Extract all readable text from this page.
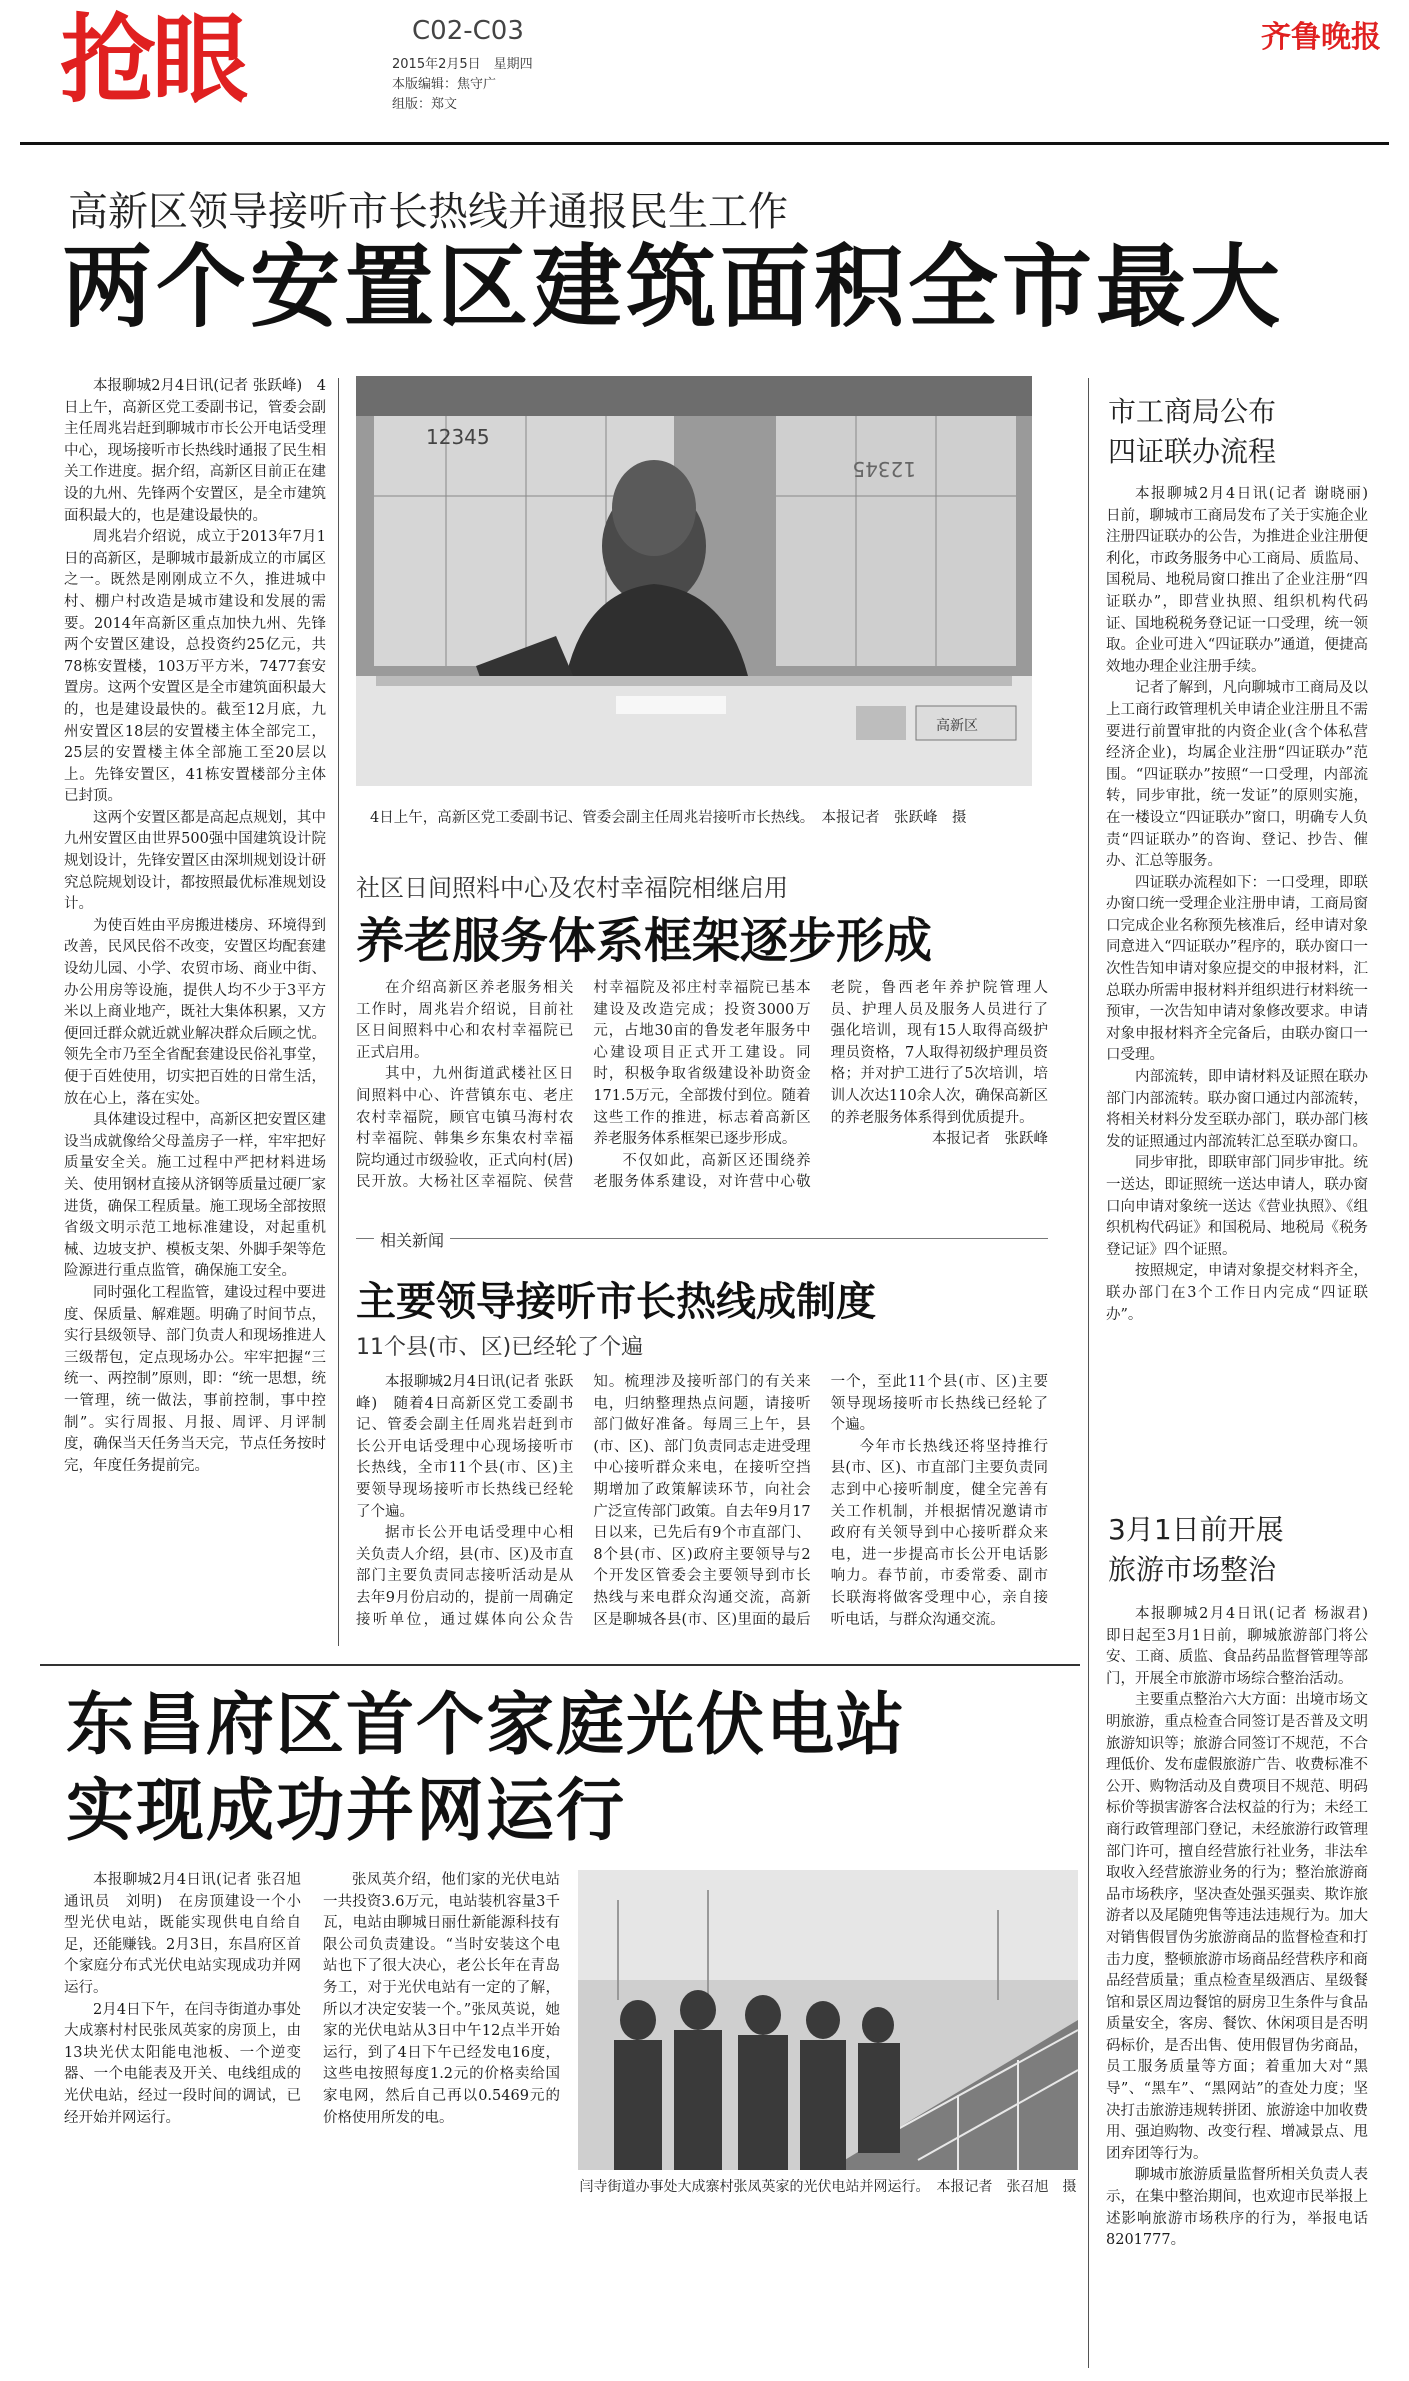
抢眼	C02-C03
2015年2月5日　星期四
本版编辑：焦守广
组版：郑文
齐鲁晚报
高新区领导接听市长热线并通报民生工作
两个安置区建筑面积全市最大

本报聊城2月4日讯(记者 张跃峰)　4日上午，高新区党工委副书记，管委会副主任周兆岩赶到聊城市市长公开电话受理中心，现场接听市长热线时通报了民生相关工作进度。据介绍，高新区目前正在建设的九州、先锋两个安置区，是全市建筑面积最大的，也是建设最快的。

周兆岩介绍说，成立于2013年7月1日的高新区，是聊城市最新成立的市属区之一。既然是刚刚成立不久，推进城中村、棚户村改造是城市建设和发展的需要。2014年高新区重点加快九州、先锋两个安置区建设，总投资约25亿元，共78栋安置楼，103万平方米，7477套安置房。这两个安置区是全市建筑面积最大的，也是建设最快的。截至12月底，九州安置区18层的安置楼主体全部完工，25层的安置楼主体全部施工至20层以上。先锋安置区，41栋安置楼部分主体已封顶。

这两个安置区都是高起点规划，其中九州安置区由世界500强中国建筑设计院规划设计，先锋安置区由深圳规划设计研究总院规划设计，都按照最优标准规划设计。

为使百姓由平房搬进楼房、环境得到改善，民风民俗不改变，安置区均配套建设幼儿园、小学、农贸市场、商业中街、办公用房等设施，提供人均不少于3平方米以上商业地产，既社大集体积累，又方便回迁群众就近就业解决群众后顾之忧。领先全市乃至全省配套建设民俗礼事堂，便于百姓使用，切实把百姓的日常生活，放在心上，落在实处。

具体建设过程中，高新区把安置区建设当成就像给父母盖房子一样，牢牢把好质量安全关。施工过程中严把材料进场关、使用钢材直接从济钢等质量过硬厂家进货，确保工程质量。施工现场全部按照省级文明示范工地标准建设，对起重机械、边坡支护、模板支架、外脚手架等危险源进行重点监管，确保施工安全。

同时强化工程监管，建设过程中要进度、保质量、解难题。明确了时间节点，实行县级领导、部门负责人和现场推进人三级帮包，定点现场办公。牢牢把握“三统一、两控制”原则，即：“统一思想，统一管理，统一做法，事前控制，事中控制”。实行周报、月报、周评、月评制度，确保当天任务当天完，节点任务按时完，年度任务提前完。

12345
12345
高新区
4日上午，高新区党工委副书记、管委会副主任周兆岩接听市长热线。　本报记者　张跃峰　摄
市工商局公布
四证联办流程

本报聊城2月4日讯(记者 谢晓丽)　日前，聊城市工商局发布了关于实施企业注册四证联办的公告，为推进企业注册便利化，市政务服务中心工商局、质监局、国税局、地税局窗口推出了企业注册“四证联办”，即营业执照、组织机构代码证、国地税税务登记证一口受理，统一领取。企业可进入“四证联办”通道，便捷高效地办理企业注册手续。

记者了解到，凡向聊城市工商局及以上工商行政管理机关申请企业注册且不需要进行前置审批的内资企业(含个体私营经济企业)，均属企业注册“四证联办”范围。“四证联办”按照“一口受理，内部流转，同步审批，统一发证”的原则实施，在一楼设立“四证联办”窗口，明确专人负责“四证联办”的咨询、登记、抄告、催办、汇总等服务。

四证联办流程如下：一口受理，即联办窗口统一受理企业注册申请，工商局窗口完成企业名称预先核准后，经申请对象同意进入“四证联办”程序的，联办窗口一次性告知申请对象应提交的申报材料，汇总联办所需申报材料并组织进行材料统一预审，一次告知申请对象修改要求。申请对象申报材料齐全完备后，由联办窗口一口受理。

内部流转，即申请材料及证照在联办部门内部流转。联办窗口通过内部流转，将相关材料分发至联办部门，联办部门核发的证照通过内部流转汇总至联办窗口。

同步审批，即联审部门同步审批。统一送达，即证照统一送达申请人，联办窗口向申请对象统一送达《营业执照》、《组织机构代码证》和国税局、地税局《税务登记证》四个证照。

按照规定，申请对象提交材料齐全，联办部门在3个工作日内完成“四证联办”。

3月1日前开展
旅游市场整治

本报聊城2月4日讯(记者 杨淑君)　即日起至3月1日前，聊城旅游部门将公安、工商、质监、食品药品监督管理等部门，开展全市旅游市场综合整治活动。

主要重点整治六大方面：出境市场文明旅游，重点检查合同签订是否普及文明旅游知识等；旅游合同签订不规范，不合理低价、发布虚假旅游广告、收费标准不公开、购物活动及自费项目不规范、明码标价等损害游客合法权益的行为；未经工商行政管理部门登记，未经旅游行政管理部门许可，擅自经营旅行社业务，非法牟取收入经营旅游业务的行为；整治旅游商品市场秩序，坚决查处强买强卖、欺诈旅游者以及尾随兜售等违法违规行为。加大对销售假冒伪劣旅游商品的监督检查和打击力度，整顿旅游市场商品经营秩序和商品经营质量；重点检查星级酒店、星级餐馆和景区周边餐馆的厨房卫生条件与食品质量安全，客房、餐饮、休闲项目是否明码标价，是否出售、使用假冒伪劣商品，员工服务质量等方面；着重加大对“黑导”、“黑车”、“黑网站”的查处力度；坚决打击旅游违规转拼团、旅游途中加收费用、强迫购物、改变行程、增减景点、甩团弃团等行为。

聊城市旅游质量监督所相关负责人表示，在集中整治期间，也欢迎市民举报上述影响旅游市场秩序的行为，举报电话8201777。

社区日间照料中心及农村幸福院相继启用
养老服务体系框架逐步形成

在介绍高新区养老服务相关工作时，周兆岩介绍说，目前社区日间照料中心和农村幸福院已正式启用。

其中，九州街道武楼社区日间照料中心、许营镇东屯、老庄农村幸福院，顾官屯镇马海村农村幸福院、韩集乡东集农村幸福院均通过市级验收，正式向村(居)民开放。大杨社区幸福院、侯营村幸福院及祁庄村幸福院已基本建设及改造完成；投资3000万元，占地30亩的鲁发老年服务中心建设项目正式开工建设。同时，积极争取省级建设补助资金171.5万元，全部拨付到位。随着这些工作的推进，标志着高新区养老服务体系框架已逐步形成。

不仅如此，高新区还围绕养老服务体系建设，对许营中心敬老院，鲁西老年养护院管理人员、护理人员及服务人员进行了强化培训，现有15人取得高级护理员资格，7人取得初级护理员资格；并对护工进行了5次培训，培训人次达110余人次，确保高新区的养老服务体系得到优质提升。

本报记者　张跃峰

相关新闻
主要领导接听市长热线成制度
11个县(市、区)已经轮了个遍

本报聊城2月4日讯(记者 张跃峰)　随着4日高新区党工委副书记、管委会副主任周兆岩赶到市长公开电话受理中心现场接听市长热线，全市11个县(市、区)主要领导现场接听市长热线已经轮了个遍。

据市长公开电话受理中心相关负责人介绍，县(市、区)及市直部门主要负责同志接听活动是从去年9月份启动的，提前一周确定接听单位，通过媒体向公众告知。梳理涉及接听部门的有关来电，归纳整理热点问题，请接听部门做好准备。每周三上午，县(市、区)、部门负责同志走进受理中心接听群众来电，在接听空挡期增加了政策解读环节，向社会广泛宣传部门政策。自去年9月17日以来，已先后有9个市直部门、8个县(市、区)政府主要领导与2个开发区管委会主要领导到市长热线与来电群众沟通交流，高新区是聊城各县(市、区)里面的最后一个，至此11个县(市、区)主要领导现场接听市长热线已经轮了个遍。

今年市长热线还将坚持推行县(市、区)、市直部门主要负责同志到中心接听制度，健全完善有关工作机制，并根据情况邀请市政府有关领导到中心接听群众来电，进一步提高市长公开电话影响力。春节前，市委常委、副市长联海将做客受理中心，亲自接听电话，与群众沟通交流。

东昌府区首个家庭光伏电站
实现成功并网运行

本报聊城2月4日讯(记者 张召旭　通讯员　刘明)　在房顶建设一个小型光伏电站，既能实现供电自给自足，还能赚钱。2月3日，东昌府区首个家庭分布式光伏电站实现成功并网运行。

2月4日下午，在闫寺街道办事处大成寨村村民张凤英家的房顶上，由13块光伏太阳能电池板、一个逆变器、一个电能表及开关、电线组成的光伏电站，经过一段时间的调试，已经开始并网运行。

张凤英介绍，他们家的光伏电站一共投资3.6万元，电站装机容量3千瓦，电站由聊城日丽仕新能源科技有限公司负责建设。“当时安装这个电站也下了很大决心，老公长年在青岛务工，对于光伏电站有一定的了解，所以才决定安装一个。”张凤英说，她家的光伏电站从3日中午12点半开始运行，到了4日下午已经发电16度，这些电按照每度1.2元的价格卖给国家电网，然后自己再以0.5469元的价格使用所发的电。

闫寺街道办事处大成寨村张凤英家的光伏电站并网运行。　本报记者　张召旭　摄
